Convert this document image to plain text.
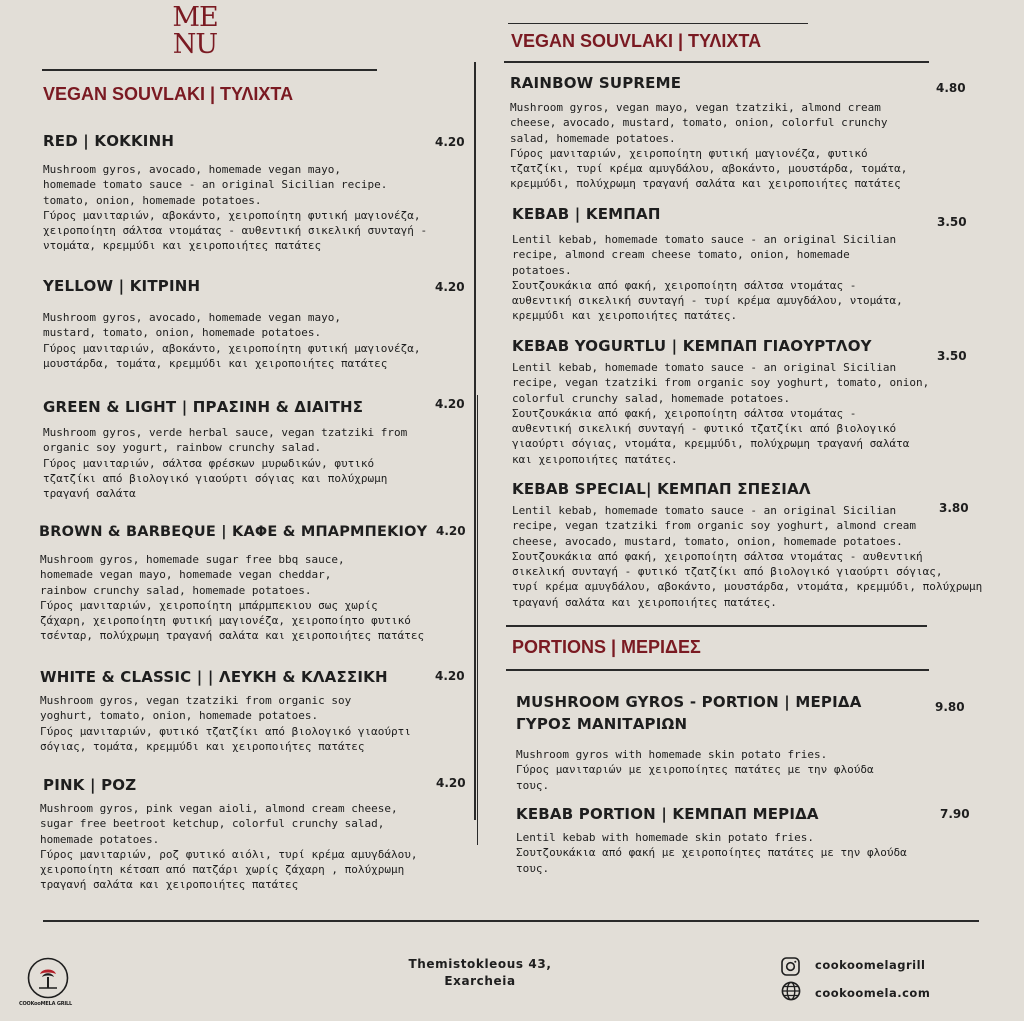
ME
NU
VEGAN SOUVLAKI | ΤΥΛΙΧΤΑ
RED | ΚΟΚΚΙΝΗ	4.20
Mushroom gyros, avocado, homemade vegan mayo,
homemade tomato sauce - an original Sicilian recipe.
tomato, onion, homemade potatoes.
Γύρος μανιταριών, αβοκάντο, χειροποίητη φυτική μαγιονέζα,
χειροποίητη σάλτσα ντομάτας - αυθεντική σικελική συνταγή -
ντομάτα, κρεμμύδι και χειροποιήτες πατάτες
YELLOW | ΚΙΤΡΙΝΗ	4.20
Mushroom gyros, avocado, homemade vegan mayo,
mustard, tomato, onion, homemade potatoes.
Γύρος μανιταριών, αβοκάντο, χειροποίητη φυτική μαγιονέζα,
μουστάρδα, τομάτα, κρεμμύδι και χειροποιήτες πατάτες
GREEN & LIGHT | ΠΡΑΣΙΝΗ & ΔΙΑΙΤΗΣ	4.20
Mushroom gyros, verde herbal sauce, vegan tzatziki from
organic soy yogurt, rainbow crunchy salad.
Γύρος μανιταριών, σάλτσα φρέσκων μυρωδικών, φυτικό
τζατζίκι από βιολογικό γιαούρτι σόγιας και πολύχρωμη
τραγανή σαλάτα
BROWN & BARBEQUE | ΚΑΦΕ & ΜΠΑΡΜΠΕΚΙΟΥ 4.20
Mushroom gyros, homemade sugar free bbq sauce,
homemade vegan mayo, homemade vegan cheddar,
rainbow crunchy salad, homemade potatoes.
Γύρος μανιταριών, χειροποίητη μπάρμπεκιου σως χωρίς
ζάχαρη, χειροποίητη φυτική μαγιονέζα, χειροποίητο φυτικό
τσένταρ, πολύχρωμη τραγανή σαλάτα και χειροποιήτες πατάτες
WHITE & CLASSIC | | ΛΕΥΚΗ & ΚΛΑΣΣΙΚΗ	4.20
Mushroom gyros, vegan tzatziki from organic soy
yoghurt, tomato, onion, homemade potatoes.
Γύρος μανιταριών, φυτικό τζατζίκι από βιολογικό γιαούρτι
σόγιας, τομάτα, κρεμμύδι και χειροποιήτες πατάτες
PINK | ΡΟΖ	4.20
Mushroom gyros, pink vegan aioli, almond cream cheese,
sugar free beetroot ketchup, colorful crunchy salad,
homemade potatoes.
Γύρος μανιταριών, ροζ φυτικό αιόλι, τυρί κρέμα αμυγδάλου,
χειροποίητη κέτσαπ από πατζάρι χωρίς ζάχαρη , πολύχρωμη
τραγανή σαλάτα και χειροποιήτες πατάτες
VEGAN SOUVLAKI | ΤΥΛΙΧΤΑ
RAINBOW SUPREME	4.80
Mushroom gyros, vegan mayo, vegan tzatziki, almond cream
cheese, avocado, mustard, tomato, onion, colorful crunchy
salad, homemade potatoes.
Γύρος μανιταριών, χειροποίητη φυτική μαγιονέζα, φυτικό
τζατζίκι, τυρί κρέμα αμυγδάλου, αβοκάντο, μουστάρδα, τομάτα,
κρεμμύδι, πολύχρωμη τραγανή σαλάτα και χειροποιήτες πατάτες
KEBAB | ΚΕΜΠΑΠ	3.50
Lentil kebab, homemade tomato sauce - an original Sicilian
recipe, almond cream cheese tomato, onion, homemade
potatoes.
Σουτζουκάκια από φακή, χειροποίητη σάλτσα ντομάτας -
αυθεντική σικελική συνταγή - τυρί κρέμα αμυγδάλου, ντομάτα,
κρεμμύδι και χειροποιήτες πατάτες.
KEBAB YOGURTLU | ΚΕΜΠΑΠ ΓΙΑΟΥΡΤΛΟΥ
3.50
Lentil kebab, homemade tomato sauce - an original Sicilian
recipe, vegan tzatziki from organic soy yoghurt, tomato, onion,
colorful crunchy salad, homemade potatoes.
Σουτζουκάκια από φακή, χειροποίητη σάλτσα ντομάτας -
αυθεντική σικελική συνταγή - φυτικό τζατζίκι από βιολογικό
γιαούρτι σόγιας, ντομάτα, κρεμμύδι, πολύχρωμη τραγανή σαλάτα
και χειροποιήτες πατάτες.
KEBAB SPECIAL| ΚΕΜΠΑΠ ΣΠΕΣΙΑΛ
3.80
Lentil kebab, homemade tomato sauce - an original Sicilian
recipe, vegan tzatziki from organic soy yoghurt, almond cream
cheese, avocado, mustard, tomato, onion, homemade potatoes.
Σουτζουκάκια από φακή, χειροποίητη σάλτσα ντομάτας - αυθεντική
σικελική συνταγή - φυτικό τζατζίκι από βιολογικό γιαούρτι σόγιας,
τυρί κρέμα αμυγδάλου, αβοκάντο, μουστάρδα, ντομάτα, κρεμμύδι, πολύχρωμη
τραγανή σαλάτα και χειροποιήτες πατάτες.
PORTIONS | ΜΕΡΙΔΕΣ
MUSHROOM GYROS - PORTION | ΜΕΡΙΔΑ ΓΥΡΟΣ ΜΑΝΙΤΑΡΙΩΝ
9.80
Mushroom gyros with homemade skin potato fries.
Γύρος μανιταριών με χειροποίητες πατάτες με την φλούδα
τους.
KEBAB PORTION | ΚΕΜΠΑΠ ΜΕΡΙΔΑ	7.90
Lentil kebab with homemade skin potato fries.
Σουτζουκάκια από φακή με χειροποίητες πατάτες με την φλούδα
τους.
COOKooMELA GRILL
Themistokleous 43,
Exarcheia
cookoomelagrill
cookoomela.com
